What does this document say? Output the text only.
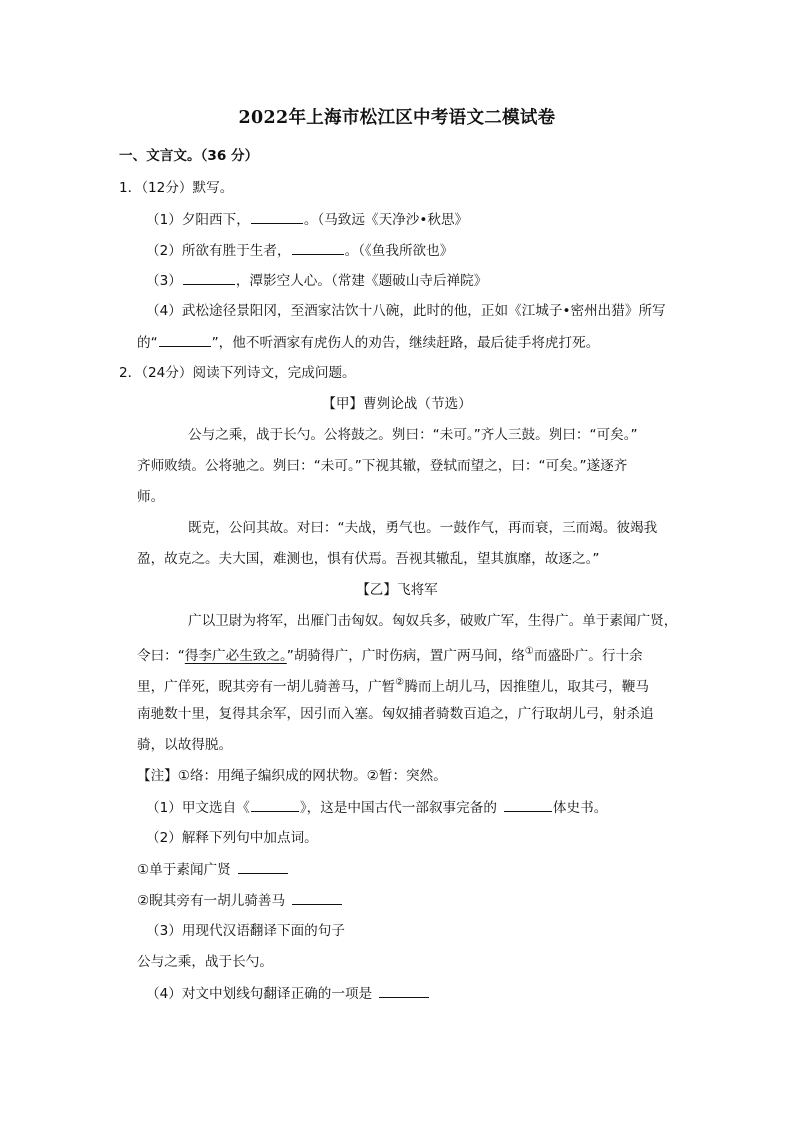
2022年上海市松江区中考语文二模试卷
一、文言文。（36 分）
1．（12分）默写。
（1）夕阳西下，	。（马致远《天净沙•秋思》
（2）所欲有胜于生者，	。（《鱼我所欲也》
（3）	，潭影空人心。（常建《题破山寺后禅院》
（4）武松途径景阳冈，至酒家沽饮十八碗，此时的他，正如《江城子•密州出猎》所写
的“	”，他不听酒家有虎伤人的劝告，继续赶路，最后徒手将虎打死。
2．（24分）阅读下列诗文，完成问题。
【甲】曹刿论战（节选）
公与之乘，战于长勺。公将鼓之。刿曰：“未可。”齐人三鼓。刿曰：“可矣。”
齐师败绩。公将驰之。刿曰：“未可。”下视其辙，登轼而望之，曰：“可矣。”遂逐齐
师。
既克，公问其故。对曰：“夫战，勇气也。一鼓作气，再而衰，三而竭。彼竭我
盈，故克之。夫大国，难测也，惧有伏焉。吾视其辙乱，望其旗靡，故逐之。”
【乙】飞将军
广以卫尉为将军，出雁门击匈奴。匈奴兵多，破败广军，生得广。单于素闻广贤，
令曰：“得李广必生致之。”胡骑得广，广时伤病，置广两马间，络①而盛卧广。行十余
里，广佯死，睨其旁有一胡儿骑善马，广暂②腾而上胡儿马，因推堕儿，取其弓，鞭马
南驰数十里，复得其余军，因引而入塞。匈奴捕者骑数百追之，广行取胡儿弓，射杀追
骑，以故得脱。
【注】①络：用绳子编织成的网状物。②暂：突然。
（1）甲文选自《	》，这是中国古代一部叙事完备的	体史书。
（2）解释下列句中加点词。
①单于素闻广贤
②睨其旁有一胡儿骑善马
（3）用现代汉语翻译下面的句子
公与之乘，战于长勺。
（4）对文中划线句翻译正确的一项是
